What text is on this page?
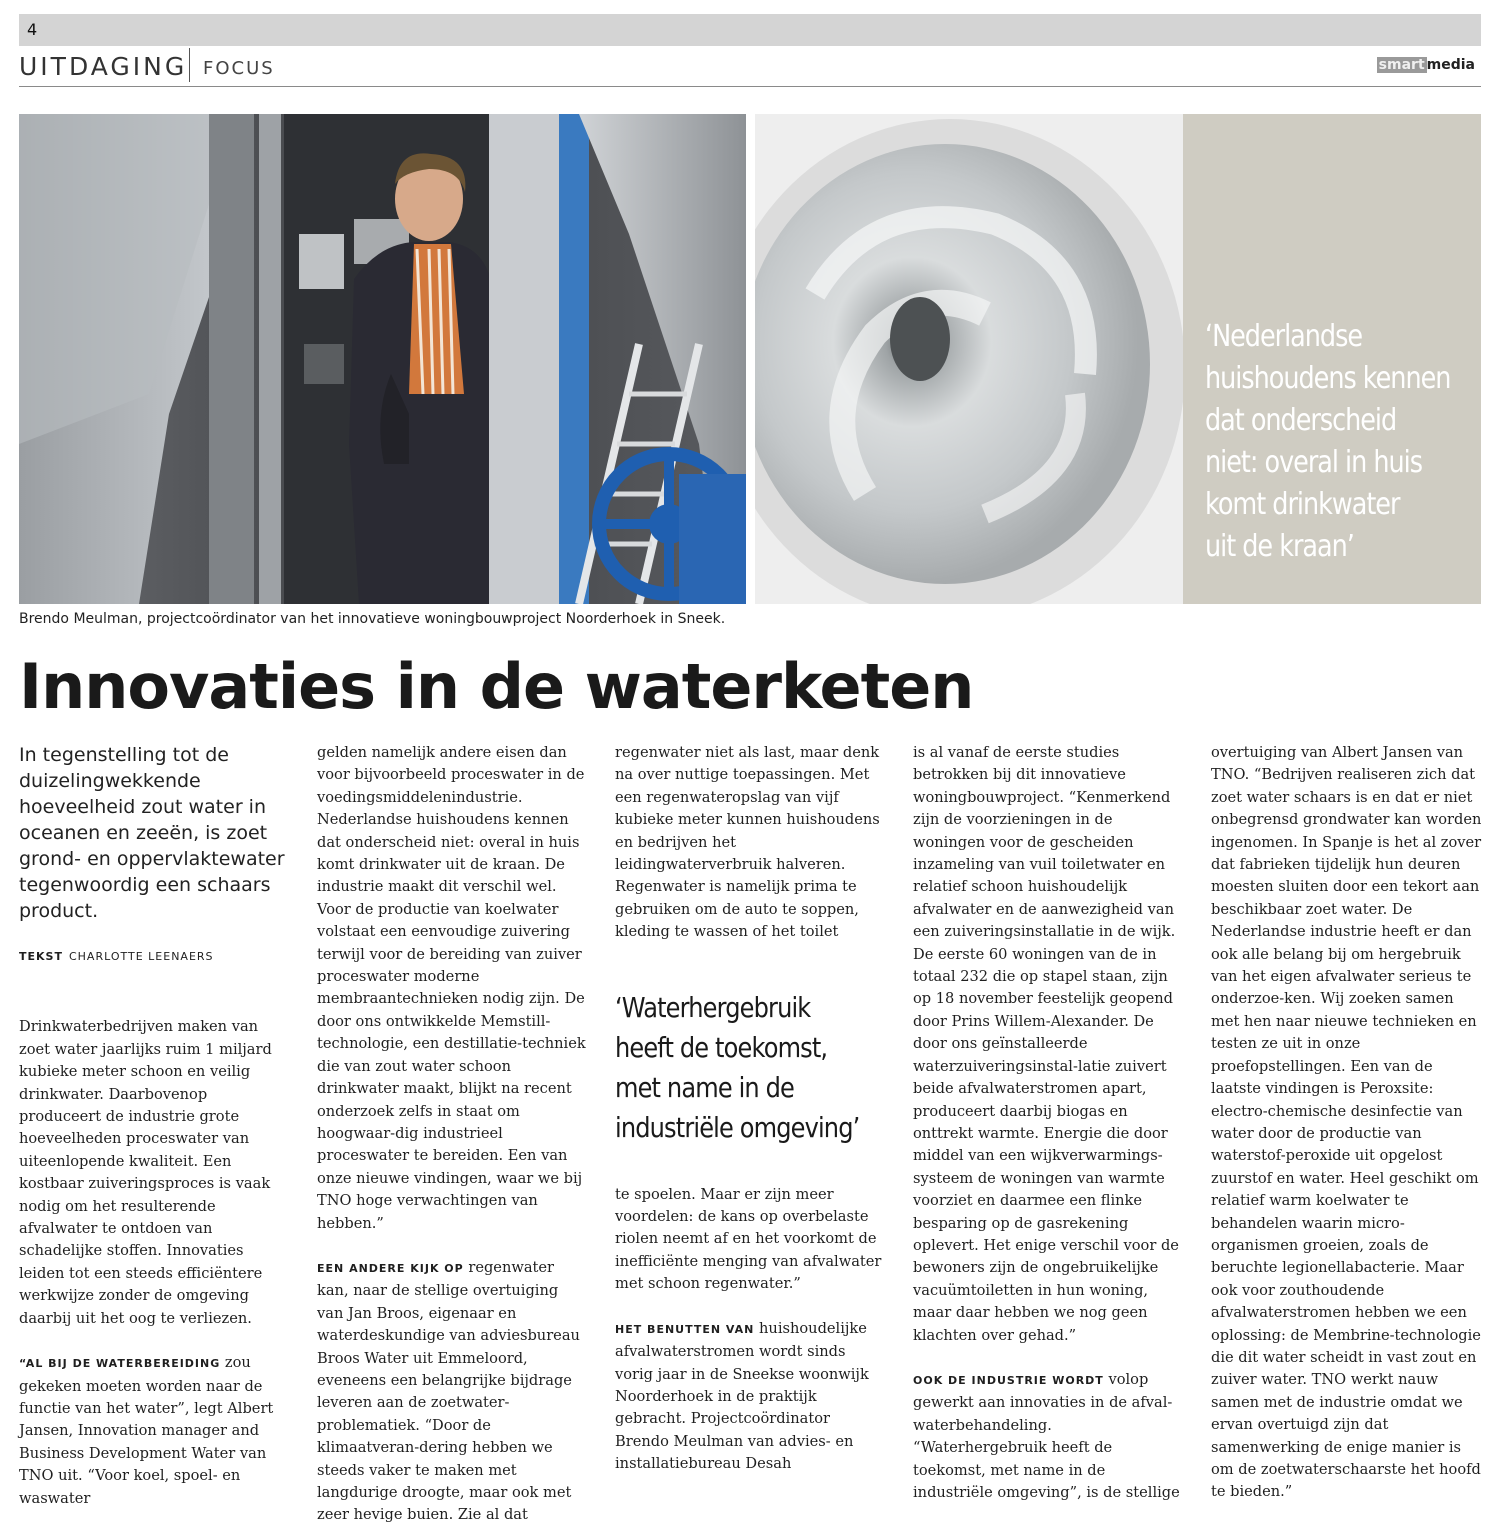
4
UITDAGING FOCUS	smart media
‘Nederlandse
huishoudens kennen
dat onderscheid
niet: overal in huis
komt drinkwater
uit de kraan’
Brendo Meulman, projectcoördinator van het innovatieve woningbouwproject Noorderhoek in Sneek.
Innovaties in de waterketen

In tegenstelling tot de duizelingwekkende hoeveelheid zout water in oceanen en zeeën, is zoet grond- en oppervlaktewater tegenwoordig een schaars product.

TEKST CHARLOTTE LEENAERS

Drinkwaterbedrijven maken van zoet water jaarlijks ruim 1 miljard kubieke meter schoon en veilig drinkwater. Daarbovenop produceert de industrie grote hoeveelheden proceswater van uiteenlopende kwaliteit. Een kostbaar zuiveringsproces is vaak nodig om het resulterende afvalwater te ontdoen van schadelijke stoffen. Innovaties leiden tot een steeds efficiëntere werkwijze zonder de omgeving daarbij uit het oog te verliezen.

“AL BIJ DE WATERBEREIDING zou gekeken moeten worden naar de functie van het water”, legt Albert Jansen, Innovation manager and Business Development Water van TNO uit. “Voor koel, spoel- en waswater

gelden namelijk andere eisen dan voor bijvoorbeeld proceswater in de voedingsmiddelenindustrie. Nederlandse huishoudens kennen dat onderscheid niet: overal in huis komt drinkwater uit de kraan. De industrie maakt dit verschil wel. Voor de productie van koelwater volstaat een eenvoudige zuivering terwijl voor de bereiding van zuiver proceswater moderne membraantechnieken nodig zijn. De door ons ontwikkelde Memstill-technologie, een destillatie-techniek die van zout water schoon drinkwater maakt, blijkt na recent onderzoek zelfs in staat om hoogwaar-dig industrieel proceswater te bereiden. Een van onze nieuwe vindingen, waar we bij TNO hoge verwachtingen van hebben.”

EEN ANDERE KIJK OP regenwater kan, naar de stellige overtuiging van Jan Broos, eigenaar en waterdeskundige van adviesbureau Broos Water uit Emmeloord, eveneens een belangrijke bijdrage leveren aan de zoetwater-problematiek. “Door de klimaatveran-dering hebben we steeds vaker te maken met langdurige droogte, maar ook met zeer hevige buien. Zie al dat

regenwater niet als last, maar denk na over nuttige toepassingen. Met een regenwateropslag van vijf kubieke meter kunnen huishoudens en bedrijven het leidingwaterverbruik halveren. Regenwater is namelijk prima te gebruiken om de auto te soppen, kleding te wassen of het toilet

‘Waterhergebruik
heeft de toekomst,
met name in de
industriële omgeving’

te spoelen. Maar er zijn meer voordelen: de kans op overbelaste riolen neemt af en het voorkomt de inefficiënte menging van afvalwater met schoon regenwater.”

HET BENUTTEN VAN huishoudelijke afvalwaterstromen wordt sinds vorig jaar in de Sneekse woonwijk Noorderhoek in de praktijk gebracht. Projectcoördinator Brendo Meulman van advies- en installatiebureau Desah

is al vanaf de eerste studies betrokken bij dit innovatieve woningbouwproject. “Kenmerkend zijn de voorzieningen in de woningen voor de gescheiden inzameling van vuil toiletwater en relatief schoon huishoudelijk afvalwater en de aanwezigheid van een zuiveringsinstallatie in de wijk. De eerste 60 woningen van de in totaal 232 die op stapel staan, zijn op 18 november feestelijk geopend door Prins Willem-Alexander. De door ons geïnstalleerde waterzuiveringsinstal-latie zuivert beide afvalwaterstromen apart, produceert daarbij biogas en onttrekt warmte. Energie die door middel van een wijkverwarmings-systeem de woningen van warmte voorziet en daarmee een flinke besparing op de gasrekening oplevert. Het enige verschil voor de bewoners zijn de ongebruikelijke vacuümtoiletten in hun woning, maar daar hebben we nog geen klachten over gehad.”

OOK DE INDUSTRIE WORDT volop gewerkt aan innovaties in de afval-waterbehandeling. “Waterhergebruik heeft de toekomst, met name in de industriële omgeving”, is de stellige

overtuiging van Albert Jansen van TNO. “Bedrijven realiseren zich dat zoet water schaars is en dat er niet onbegrensd grondwater kan worden ingenomen. In Spanje is het al zover dat fabrieken tijdelijk hun deuren moesten sluiten door een tekort aan beschikbaar zoet water. De Nederlandse industrie heeft er dan ook alle belang bij om hergebruik van het eigen afvalwater serieus te onderzoe-ken. Wij zoeken samen met hen naar nieuwe technieken en testen ze uit in onze proefopstellingen. Een van de laatste vindingen is Peroxsite: electro-chemische desinfectie van water door de productie van waterstof-peroxide uit opgelost zuurstof en water. Heel geschikt om relatief warm koelwater te behandelen waarin micro-organismen groeien, zoals de beruchte legionellabacterie. Maar ook voor zouthoudende afvalwaterstromen hebben we een oplossing: de Membrine-technologie die dit water scheidt in vast zout en zuiver water. TNO werkt nauw samen met de industrie omdat we ervan overtuigd zijn dat samenwerking de enige manier is om de zoetwaterschaarste het hoofd te bieden.”
